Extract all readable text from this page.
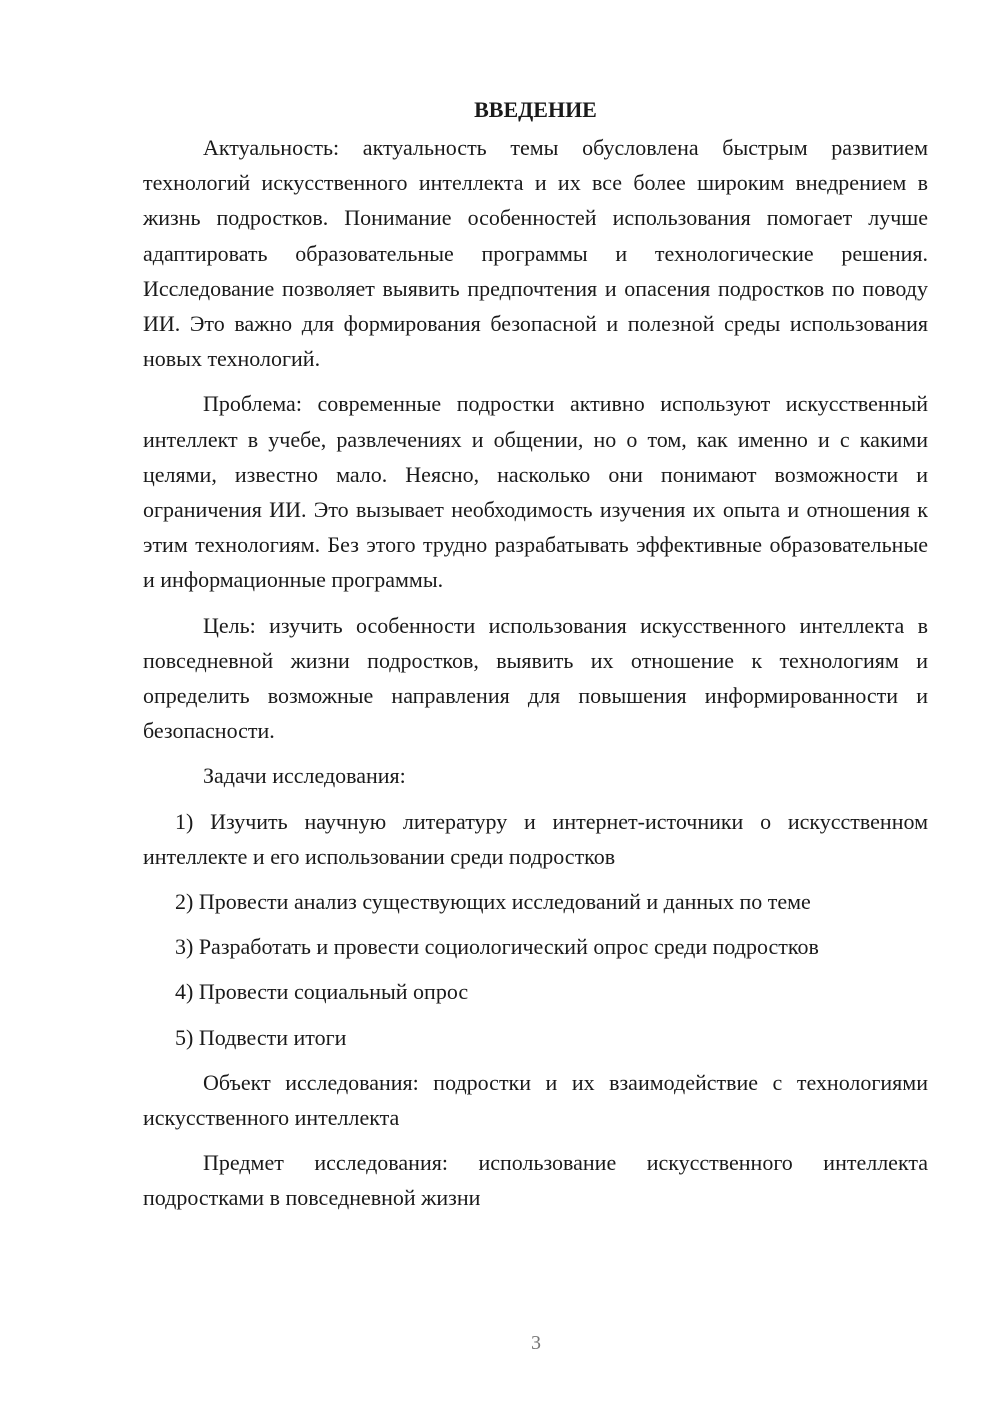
ВВЕДЕНИЕ

Актуальность: актуальность темы обусловлена быстрым развитием технологий искусственного интеллекта и их все более широким внедрением в жизнь подростков. Понимание особенностей использования помогает лучше адаптировать образовательные программы и технологические решения. Исследование позволяет выявить предпочтения и опасения подростков по поводу ИИ. Это важно для формирования безопасной и полезной среды использования новых технологий.

Проблема: современные подростки активно используют искусственный интеллект в учебе, развлечениях и общении, но о том, как именно и с какими целями, известно мало. Неясно, насколько они понимают возможности и ограничения ИИ. Это вызывает необходимость изучения их опыта и отношения к этим технологиям. Без этого трудно разрабатывать эффективные образовательные и информационные программы.

Цель: изучить особенности использования искусственного интеллекта в повседневной жизни подростков, выявить их отношение к технологиям и определить возможные направления для повышения информированности и безопасности.

Задачи исследования:

1) Изучить научную литературу и интернет-источники о искусственном интеллекте и его использовании среди подростков

2) Провести анализ существующих исследований и данных по теме

3) Разработать и провести социологический опрос среди подростков

4) Провести социальный опрос

5) Подвести итоги

Объект исследования: подростки и их взаимодействие с технологиями искусственного интеллекта

Предмет исследования: использование искусственного интеллекта подростками в повседневной жизни

3
